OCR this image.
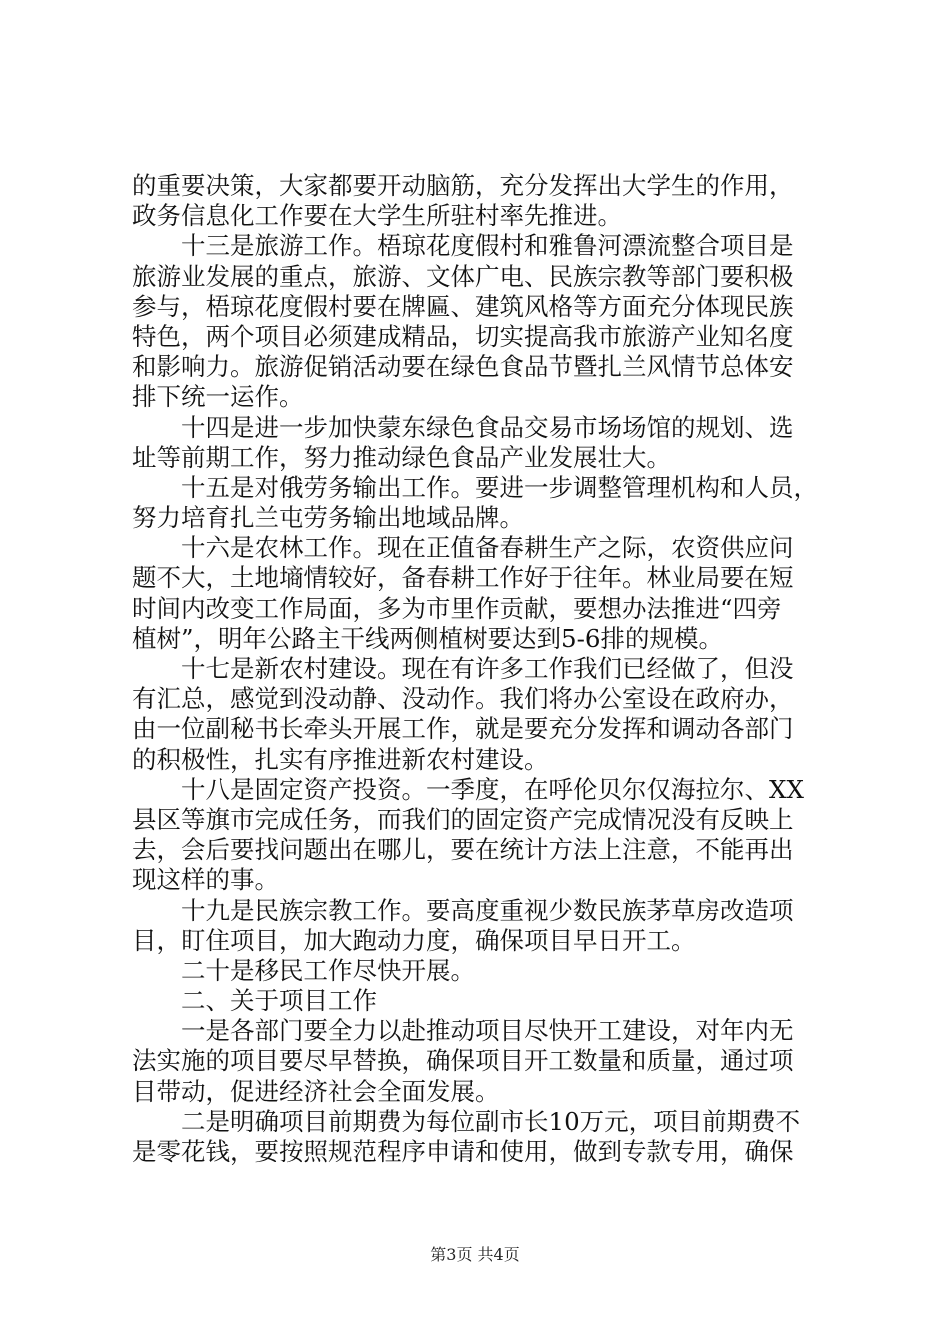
的重要决策，大家都要开动脑筋，充分发挥出大学生的作用，
政务信息化工作要在大学生所驻村率先推进。
十三是旅游工作。梧琼花度假村和雅鲁河漂流整合项目是
旅游业发展的重点，旅游、文体广电、民族宗教等部门要积极
参与，梧琼花度假村要在牌匾、建筑风格等方面充分体现民族
特色，两个项目必须建成精品，切实提高我市旅游产业知名度
和影响力。旅游促销活动要在绿色食品节暨扎兰风情节总体安
排下统一运作。
十四是进一步加快蒙东绿色食品交易市场场馆的规划、选
址等前期工作，努力推动绿色食品产业发展壮大。
十五是对俄劳务输出工作。要进一步调整管理机构和人员，
努力培育扎兰屯劳务输出地域品牌。
十六是农林工作。现在正值备春耕生产之际，农资供应问
题不大，土地墒情较好，备春耕工作好于往年。林业局要在短
时间内改变工作局面，多为市里作贡献，要想办法推进“四旁
植树”，明年公路主干线两侧植树要达到5-6排的规模。
十七是新农村建设。现在有许多工作我们已经做了，但没
有汇总，感觉到没动静、没动作。我们将办公室设在政府办，
由一位副秘书长牵头开展工作，就是要充分发挥和调动各部门
的积极性，扎实有序推进新农村建设。
十八是固定资产投资。一季度，在呼伦贝尔仅海拉尔、XX
县区等旗市完成任务，而我们的固定资产完成情况没有反映上
去，会后要找问题出在哪儿，要在统计方法上注意，不能再出
现这样的事。
十九是民族宗教工作。要高度重视少数民族茅草房改造项
目，盯住项目，加大跑动力度，确保项目早日开工。
二十是移民工作尽快开展。
二、关于项目工作
一是各部门要全力以赴推动项目尽快开工建设，对年内无
法实施的项目要尽早替换，确保项目开工数量和质量，通过项
目带动，促进经济社会全面发展。
二是明确项目前期费为每位副市长10万元，项目前期费不
是零花钱，要按照规范程序申请和使用，做到专款专用，确保
第3页 共4页
